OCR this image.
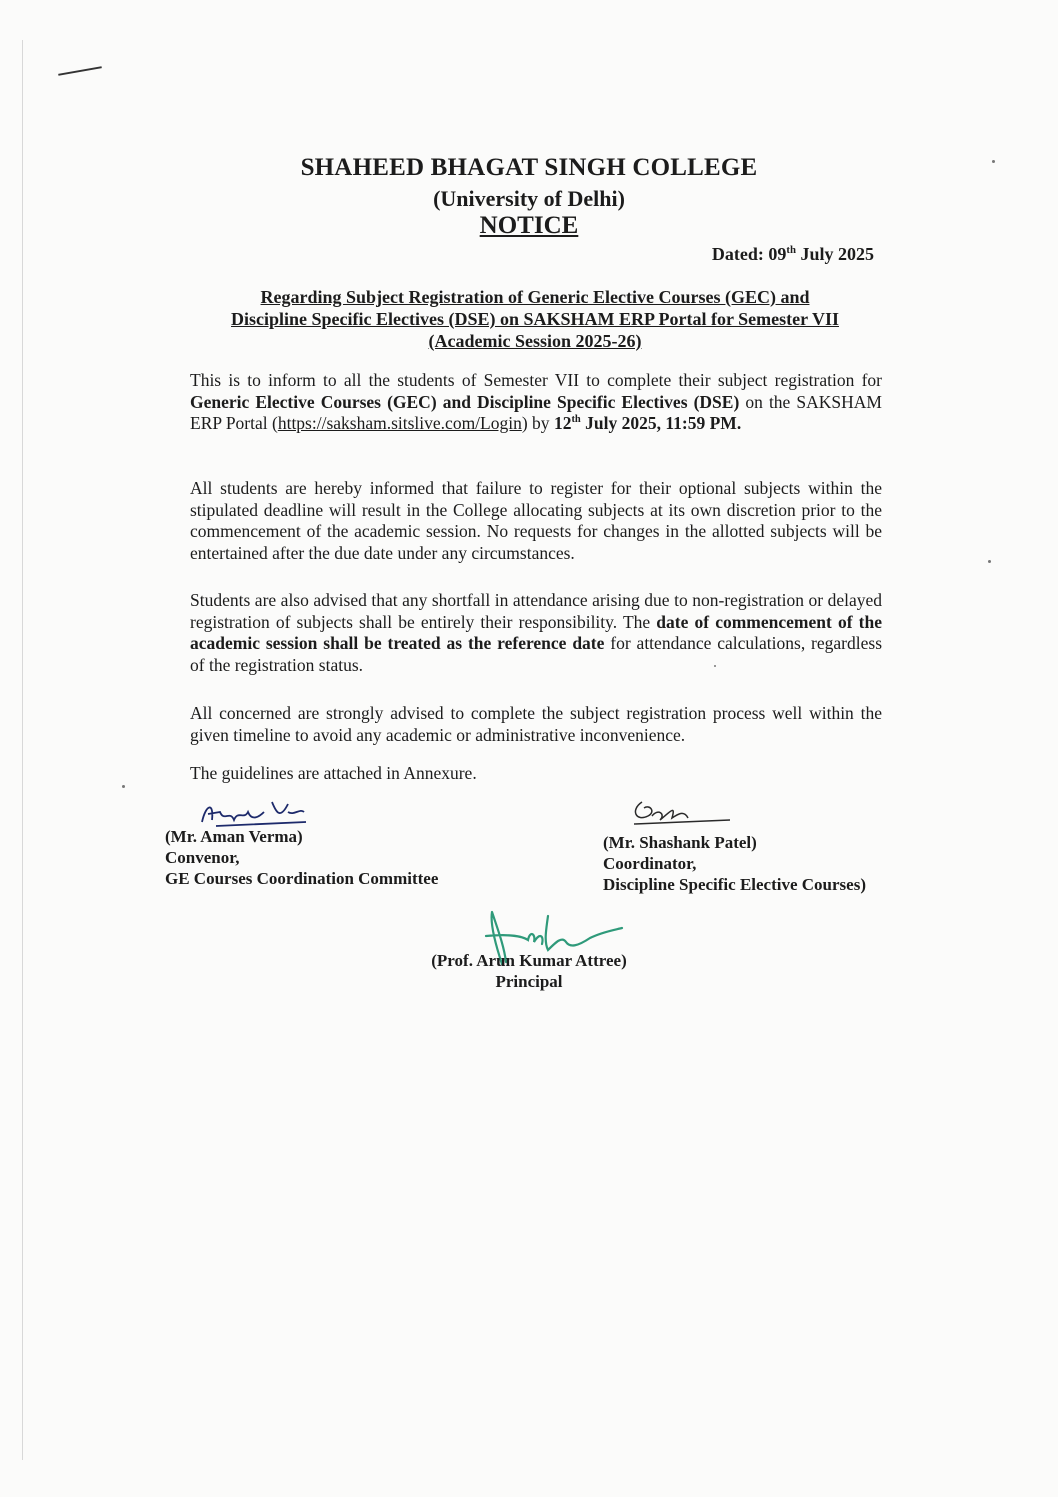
SHAHEED BHAGAT SINGH COLLEGE
(University of Delhi)
NOTICE
Dated: 09th July 2025
Regarding Subject Registration of Generic Elective Courses (GEC) and
Discipline Specific Electives (DSE) on SAKSHAM ERP Portal for Semester VII
(Academic Session 2025-26)
This is to inform to all the students of Semester VII to complete their subject registration for Generic Elective Courses (GEC) and Discipline Specific Electives (DSE) on the SAKSHAM ERP Portal (https://saksham.sitslive.com/Login) by 12th July 2025, 11:59 PM.
All students are hereby informed that failure to register for their optional subjects within the stipulated deadline will result in the College allocating subjects at its own discretion prior to the commencement of the academic session. No requests for changes in the allotted subjects will be entertained after the due date under any circumstances.
Students are also advised that any shortfall in attendance arising due to non-registration or delayed registration of subjects shall be entirely their responsibility. The date of commencement of the academic session shall be treated as the reference date for attendance calculations, regardless of the registration status.
All concerned are strongly advised to complete the subject registration process well within the given timeline to avoid any academic or administrative inconvenience.
The guidelines are attached in Annexure.
(Mr. Aman Verma)
Convenor,
GE Courses Coordination Committee
(Mr. Shashank Patel)
Coordinator,
Discipline Specific Elective Courses)
(Prof. Arun Kumar Attree)
Principal
